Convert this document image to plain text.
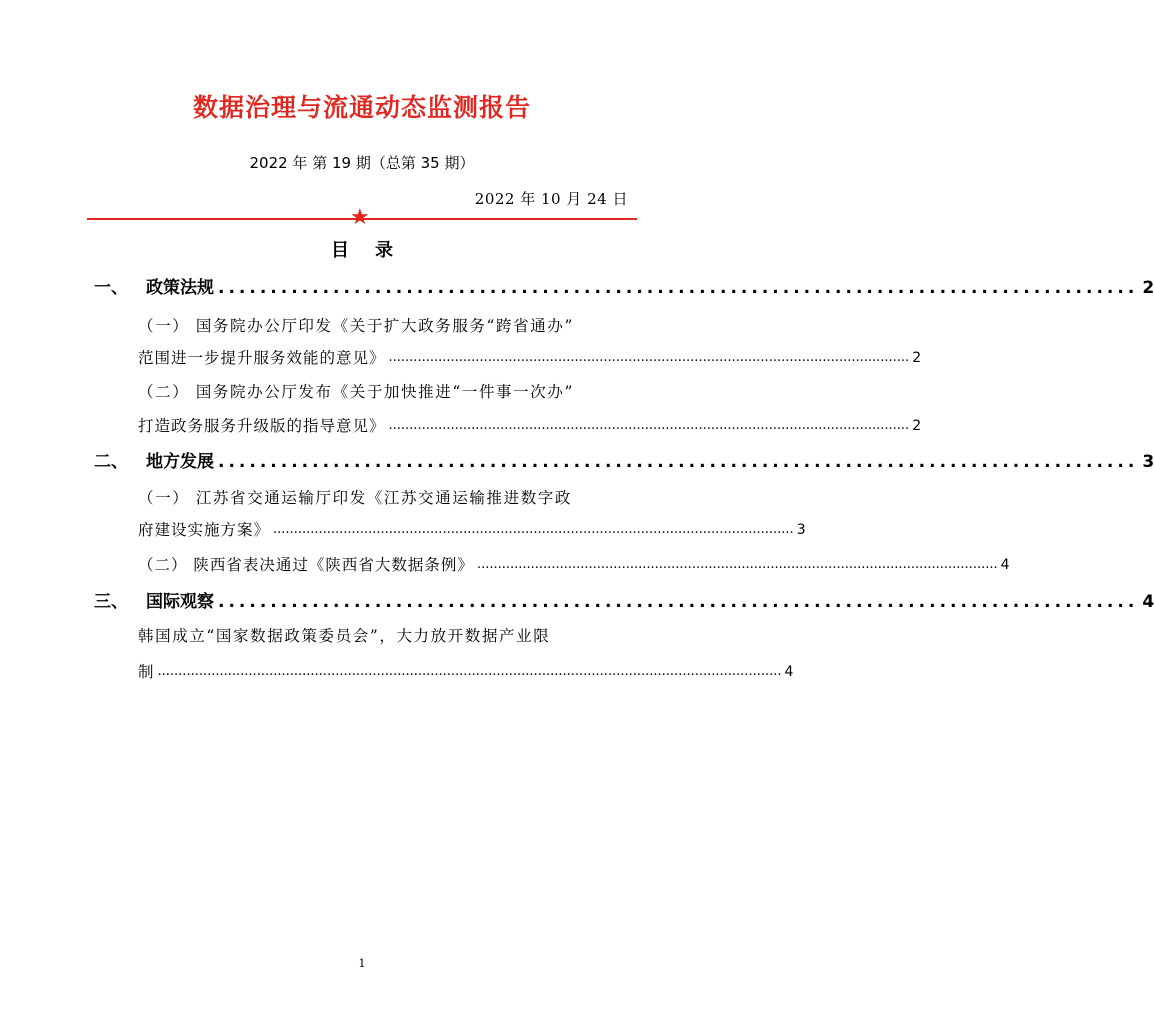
数据治理与流通动态监测报告
2022 年 第 19 期（总第 35 期）
2022 年 10 月 24 日
★
目录
一、	政策法规 ........................................................................................ 2
（一） 国务院办公厅印发《关于扩大政务服务“跨省通办”
范围进一步提升服务效能的意见》 .............................................................................................................................. 2
（二） 国务院办公厅发布《关于加快推进“一件事一次办”
打造政务服务升级版的指导意见》 .............................................................................................................................. 2
二、	地方发展 ........................................................................................ 3
（一） 江苏省交通运输厅印发《江苏交通运输推进数字政
府建设实施方案》 .............................................................................................................................. 3
（二） 陕西省表决通过《陕西省大数据条例》 .............................................................................................................................. 4
三、	国际观察 ........................................................................................ 4
韩国成立“国家数据政策委员会”，大力放开数据产业限
制 ....................................................................................................................................................... 4
1
